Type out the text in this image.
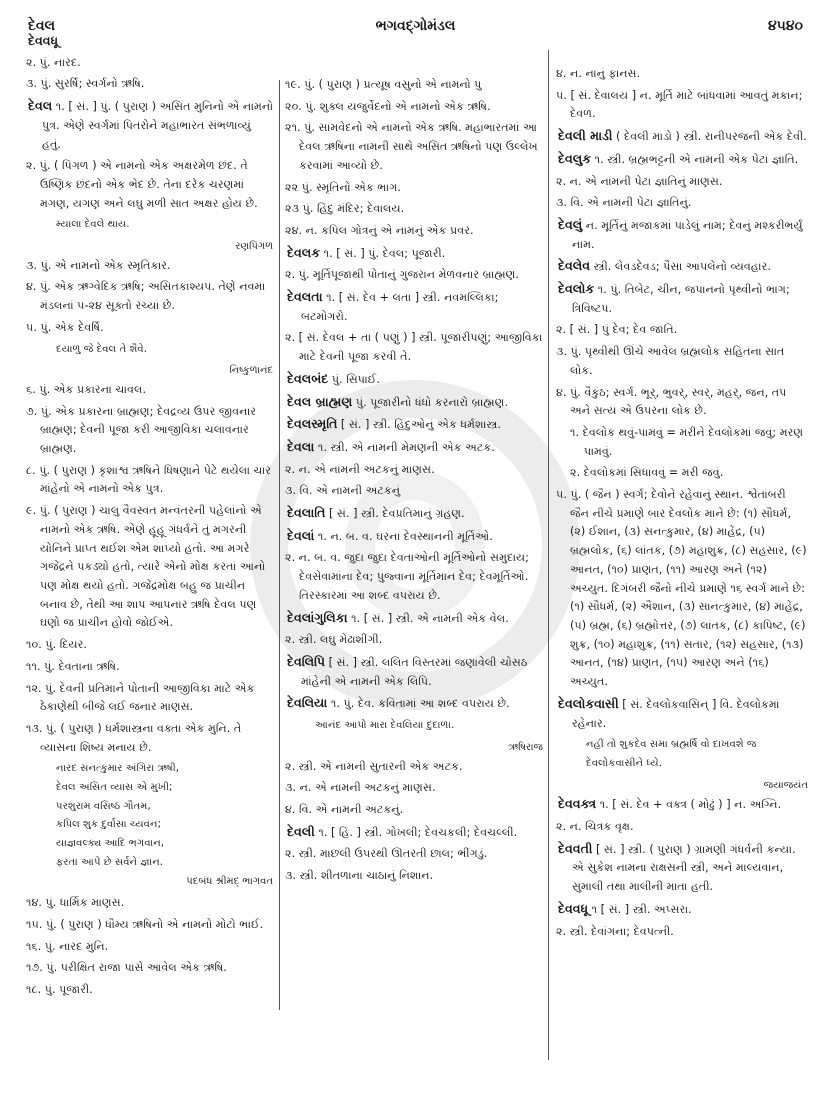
દેવલ	ભગવદ્ગોમંડલ	૪૫૪૦
દેવવધૂ
૨. પું. નારદ.
૩. પું. સુરર્ષિ; સ્વર્ગનો ઋષિ.
દેવલ ૧. [ સં. ] પું. ( પુરાણ ) અસિત મુનિનો એ નામનો પુત્ર. એણે સ્વર્ગમાં પિતરોને મહાભારત સંભળાવ્યું હતું.
૨. પું. ( પિંગળ ) એ નામનો એક અક્ષરમેળ છંદ. તે ઉષ્ણિક છંદનો એક ભેદ છે. તેના દરેક ચરણમાં મગણ, યગણ અને લઘુ મળી સાત અક્ષર હોય છે.
મ્યાલા દેવલે થાય.
રણપિંગળ
૩. પું. એ નામનો એક સ્મૃતિકાર.
૪. પું. એક ઋગ્વેદિક ઋષિ; અસિતકાશ્યપ. તેણે નવમા મંડલનાં ૫-૨૪ સૂક્તો રચ્યાં છે.
૫. પું. એક દેવર્ષિ.
દયાળુ જે દેવલ તે શૈવે.
નિષ્કુળાનંદ
૬. પું. એક પ્રકારના ચાવલ.
૭. પું. એક પ્રકારના બ્રાહ્મણ; દેવદ્રવ્ય ઉપર જીવનાર બ્રાહ્મણ; દેવની પૂજા કરી આજીવિકા ચલાવનાર બ્રાહ્મણ.
૮. પું. ( પુરાણ ) કૃશાશ્વ ઋષિને ધિષણાને પેટે થયેલા ચાર માંહેનો એ નામનો એક પુત્ર.
૯. પું. ( પુરાણ ) ચાલુ વૈવસ્વત મન્વંતરની પહેલાંનો એ નામનો એક ઋષિ. એણે હૂહૂ ગંધર્વને તું મગરની યોનિને પ્રાપ્ત થઈશ એમ શાપ્યો હતો. આ મગરે ગજેંદ્રને પકડ્યો હતો, ત્યારે એનો મોક્ષ કરતાં આનો પણ મોક્ષ થયો હતો. ગજેંદ્રમોક્ષ બહુ જ પ્રાચીન બનાવ છે, તેથી આ શાપ આપનાર ઋષિ દેવલ પણ ઘણો જ પ્રાચીન હોવો જોઈએ.
૧૦. પું. દિયર.
૧૧. પું. દેવતાના ઋષિ.
૧૨. પું. દેવની પ્રતિમાને પોતાની આજીવિકા માટે એક ઠેકાણેથી બીજે લઈ જનાર માણસ.
૧૩. પું. ( પુરાણ ) ધર્મશાસ્ત્રના વક્તા એક મુનિ. તે વ્યાસના શિષ્ય મનાય છે.
નારદ સનત્કુમાર અંગિરા ઋષી,
દેવલ અસિત વ્યાસ એ મુખી;
પરશુરામ વસિષ્ઠ ગૌતમ,
કપિલ શુક દુર્વાસા ચ્યવન;
યાજ્ઞવલ્ક્ય આદિ ભગવાન,
ફરતા આપે છે સર્વને જ્ઞાન.
પદબંધ શ્રીમદ્ ભાગવત
૧૪. પું. ધાર્મિક માણસ.
૧૫. પું. ( પુરાણ ) ધૌમ્ય ઋષિનો એ નામનો મોટો ભાઈ.
૧૬. પું. નારદ મુનિ.
૧૭. પું. પરીક્ષિત રાજા પાસે આવેલ એક ઋષિ.
૧૮. પું. પૂજારી.
૧૯. પું. ( પુરાણ ) પ્રત્યૂષ વસુનો એ નામનો પુ
૨૦. પું. શુક્લ યજુર્વેદનો એ નામનો એક ઋષિ.
૨૧. પું. સામવેદનો એ નામનો એક ઋષિ. મહાભારતમાં આ દેવલ ઋષિના નામની સાથે અસિત ઋષિનો પણ ઉલ્લેખ કરવામાં આવ્યો છે.
૨૨ પું. સ્મૃતિનો એક ભાગ.
૨૩ પું. હિંદુ મંદિર; દેવાલય.
૨૪. ન. કપિલ ગોત્રનું એ નામનું એક પ્રવર.
દેવલક ૧. [ સં. ] પું. દેવલ; પૂજારી.
૨. પું. મૂર્તિપૂજાથી પોતાનું ગુજરાન મેળવનાર બ્રાહ્મણ.
દેવલતા ૧. [ સં. દેવ + લતા ] સ્ત્રી. નવમલ્લિકા; બટમોગરો.
૨. [ સં. દેવલ + તા ( પણું ) ] સ્ત્રી. પૂજારીપણું; આજીવિકા માટે દેવની પૂજા કરવી તે.
દેવલબંદ પું. સિપાઈ.
દેવલ બ્રાહ્મણ પું. પૂજારીનો ધંધો કરનારો બ્રાહ્મણ.
દેવલસ્મૃતિ [ સં. ] સ્ત્રી. હિંદુઓનું એક ધર્મશાસ્ત્ર.
દેવલા ૧. સ્ત્રી. એ નામની મેમણની એક અટક.
૨. ન. એ નામની અટકનું માણસ.
૩. વિ. એ નામની અટકનું
દેવલાતિ [ સં. ] સ્ત્રી. દેવપ્રતિમાનું ગ્રહણ.
દેવલાં ૧. ન. બ. વ. ઘરના દેવસ્થાનની મૂર્તિઓ.
૨. ન. બ. વ. જુદા જુદા દેવતાઓની મૂર્તિઓનો સમુદાય; દેવસેવામાંના દેવ; પુજ્વાના મૂર્તિમાન દેવ; દેવમૂર્તિઓ. તિરસ્કારમાં આ શબ્દ વપરાય છે.
દેવલાંગુલિકા ૧. [ સં. ] સ્ત્રી. એ નામની એક વેલ.
૨. સ્ત્રી. લઘુ મેઢાશીંગી.
દેવલિપિ [ સં. ] સ્ત્રી. લલિત વિસ્તરમાં જણાવેલી ચોસઠ માંહેની એ નામની એક લિપિ.
દેવલિયા ૧. પું. દેવ. કવિતામાં આ શબ્દ વપરાય છે.
આનંદ આપો મારા દેવલિયા દુંદાળા.
ઋષિરાજ
૨. સ્ત્રી. એ નામની સુતારની એક અટક.
૩. ન. એ નામની અટકનું માણસ.
૪. વિ. એ નામની અટકનું.
દેવલી ૧. [ હિં. ] સ્ત્રી. ગોખલી; દેવચકલી; દેવચલ્લી.
૨. સ્ત્રી. માછલી ઉપરથી ઊતરતી છાલ; ભીંગડું.
૩. સ્ત્રી. શીતળાના ચાઠાનું નિશાન.
૪. ન. નાનું ફાનસ.
૫. [ સં. દેવાલય ] ન. મૂર્તિ માટે બાંધવામાં આવતું મકાન; દેવળ.
દેવલી માડી ( દેવલી માડો ) સ્ત્રી. રાનીપરજની એક દેવી.
દેવલુક ૧. સ્ત્રી. બ્રહ્મભટ્ટની એ નામની એક પેટા જ્ઞાતિ.
૨. ન. એ નામની પેટા જ્ઞાતિનું માણસ.
૩. વિ. એ નામની પેટા જ્ઞાતિનું.
દેવલું ન. મૂર્તિનું મજાકમાં પાડેલું નામ; દેવનું મશ્કરીભર્યું નામ.
દેવલેવ સ્ત્રી. લેવડદેવડ; પૈસા આપલેનો વ્યવહાર.
દેવલોક ૧. પું. તિબેટ, ચીન, જપાનનો પૃથ્વીનો ભાગ; ત્રિવિષ્ટપ.
૨. [ સં. ] પું દેવ; દેવ જાતિ.
૩. પું. પૃથ્વીથી ઊંચે આવેલ બ્રહ્મલોક સહિતના સાત લોક.
૪. પું. વૈકુંઠ; સ્વર્ગ. ભૂર્, ભુવર્, સ્વર્, મહર્, જન, તપ અને સત્ય એ ઉપરના લોક છે.
૧. દેવલોક થવું-પામવું = મરીને દેવલોકમાં જવું; મરણ પામવું.
૨. દેવલોકમાં સિધાવવું = મરી જવું.
૫. પું. ( જૈન ) સ્વર્ગ; દેવોને રહેવાનું સ્થાન. શ્વેતાંબરી જૈન નીચે પ્રમાણે બાર દેવલોક માને છે: (૧) સૌધર્મ, (૨) ઈશાન, (૩) સનત્કુમાર, (૪) માહેંદ્ર, (૫) બ્રહ્મલોક, (૬) લાંતક, (૭) મહાશુક્ર, (૮) સહસાર, (૯) આનત, (૧૦) પ્રાણત, (૧૧) આરણ અને (૧૨) અચ્યુત. દિગંબરી જૈનો નીચે પ્રમાણે ૧૬ સ્વર્ગ માને છે: (૧) સૌધર્મ, (૨) ઐશાન, (૩) સાનત્કુમાર, (૪) માહેંદ્ર, (૫) બ્રહ્મ, (૬) બ્રહ્મોત્તર, (૭) લાંતક, (૮) કાપિષ્ટ, (૯) શુક્ર, (૧૦) મહાશુક્ર, (૧૧) સતાર, (૧૨) સહસાર, (૧૩) આનત, (૧૪) પ્રાણત, (૧૫) આરણ અને (૧૬) અચ્યુત.
દેવલોકવાસી [ સં. દેવલોકવાસિન્ ] વિ. દેવલોકમાં રહેનાર.
નહીં તો શુકદેવ સમા બ્રહ્મર્ષિ વો દાખવશે જ દેવલોકવાસીને ધ્યે.
જયાજયંત
દેવવક્ત્ર ૧. [ સં. દેવ + વક્ત્ર ( મોઢું ) ] ન. અગ્નિ.
૨. ન. ચિત્રક વૃક્ષ.
દેવવતી [ સં. ] સ્ત્રી. ( પુરાણ ) ગ્રામણી ગંધર્વની કન્યા. એ સુકેશ નામના રાક્ષસની સ્ત્રી, અને માલ્યવાન, સુમાલી તથા માલીની માતા હતી.
દેવવધૂ ૧ [ સં. ] સ્ત્રી. અપ્સરા.
૨. સ્ત્રી. દેવાંગના; દેવપત્ની.
